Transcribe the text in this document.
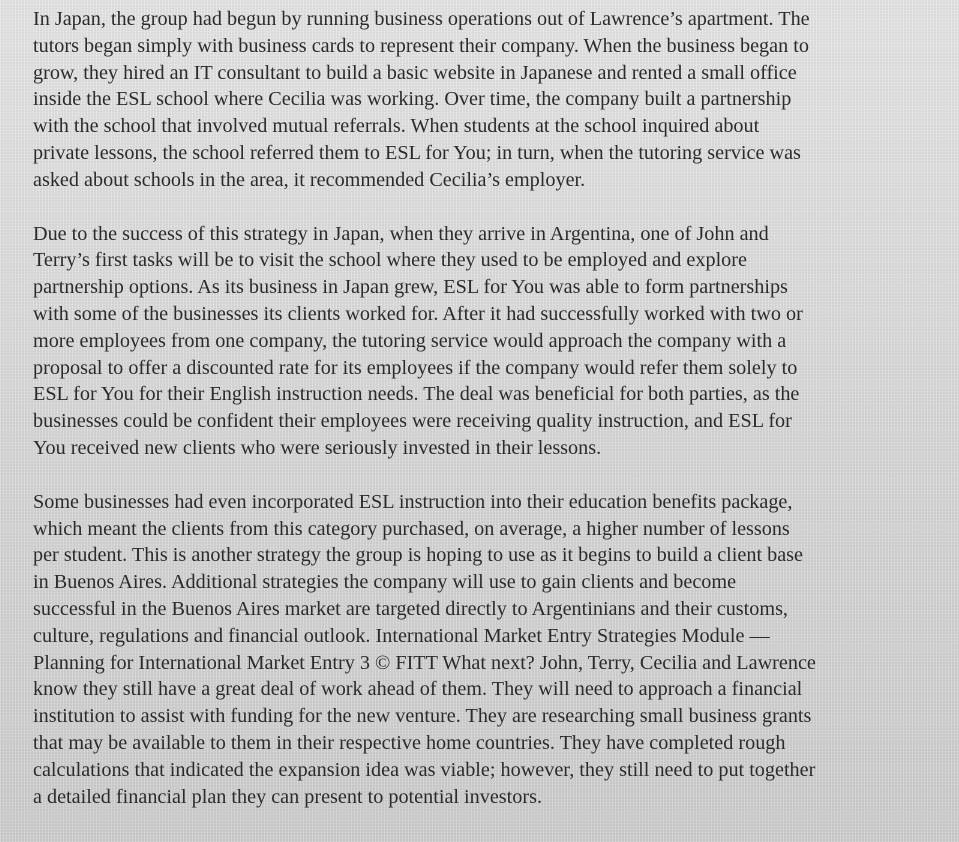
In Japan, the group had begun by running business operations out of Lawrence’s apartment. The
tutors began simply with business cards to represent their company. When the business began to
grow, they hired an IT consultant to build a basic website in Japanese and rented a small office
inside the ESL school where Cecilia was working. Over time, the company built a partnership
with the school that involved mutual referrals. When students at the school inquired about
private lessons, the school referred them to ESL for You; in turn, when the tutoring service was
asked about schools in the area, it recommended Cecilia’s employer.

Due to the success of this strategy in Japan, when they arrive in Argentina, one of John and
Terry’s first tasks will be to visit the school where they used to be employed and explore
partnership options. As its business in Japan grew, ESL for You was able to form partnerships
with some of the businesses its clients worked for. After it had successfully worked with two or
more employees from one company, the tutoring service would approach the company with a
proposal to offer a discounted rate for its employees if the company would refer them solely to
ESL for You for their English instruction needs. The deal was beneficial for both parties, as the
businesses could be confident their employees were receiving quality instruction, and ESL for
You received new clients who were seriously invested in their lessons.

Some businesses had even incorporated ESL instruction into their education benefits package,
which meant the clients from this category purchased, on average, a higher number of lessons
per student. This is another strategy the group is hoping to use as it begins to build a client base
in Buenos Aires. Additional strategies the company will use to gain clients and become
successful in the Buenos Aires market are targeted directly to Argentinians and their customs,
culture, regulations and financial outlook. International Market Entry Strategies Module —
Planning for International Market Entry 3 © FITT What next? John, Terry, Cecilia and Lawrence
know they still have a great deal of work ahead of them. They will need to approach a financial
institution to assist with funding for the new venture. They are researching small business grants
that may be available to them in their respective home countries. They have completed rough
calculations that indicated the expansion idea was viable; however, they still need to put together
a detailed financial plan they can present to potential investors.
